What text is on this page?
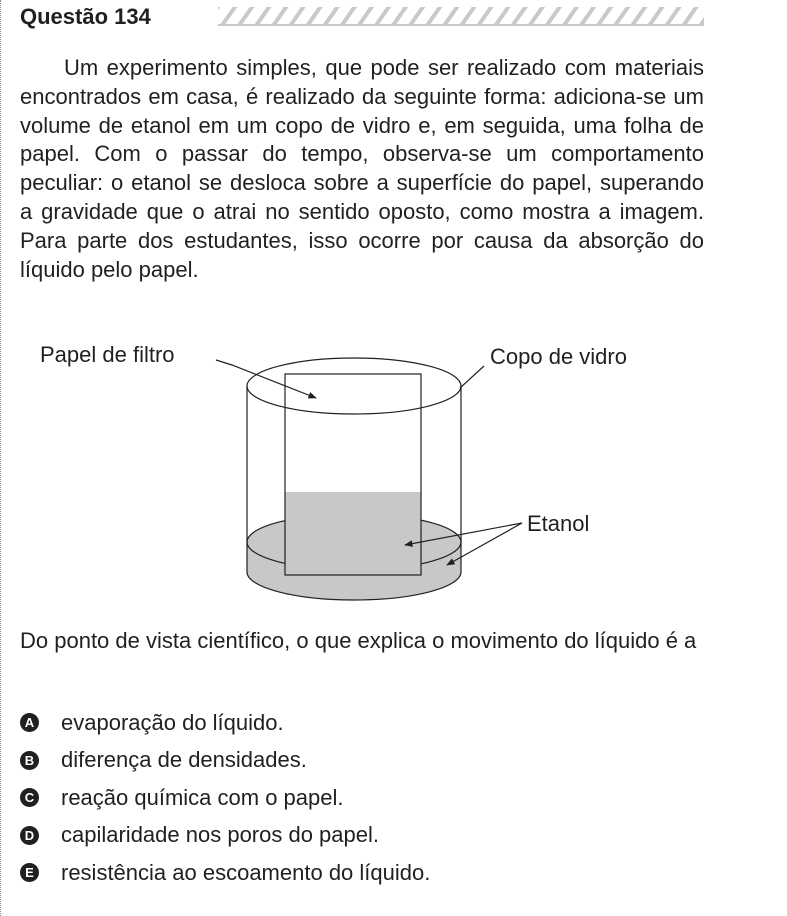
Questão 134

Um experimento simples, que pode ser realizado com materiais encontrados em casa, é realizado da seguinte forma: adiciona-se um volume de etanol em um copo de vidro e, em seguida, uma folha de papel. Com o passar do tempo, observa-se um comportamento peculiar: o etanol se desloca sobre a superfície do papel, superando a gravidade que o atrai no sentido oposto, como mostra a imagem. Para parte dos estudantes, isso ocorre por causa da absorção do líquido pelo papel.

Papel de filtro	Copo de vidro
Etanol

Do ponto de vista científico, o que explica o movimento do líquido é a

A evaporação do líquido.
B diferença de densidades.
C reação química com o papel.
D capilaridade nos poros do papel.
E resistência ao escoamento do líquido.
